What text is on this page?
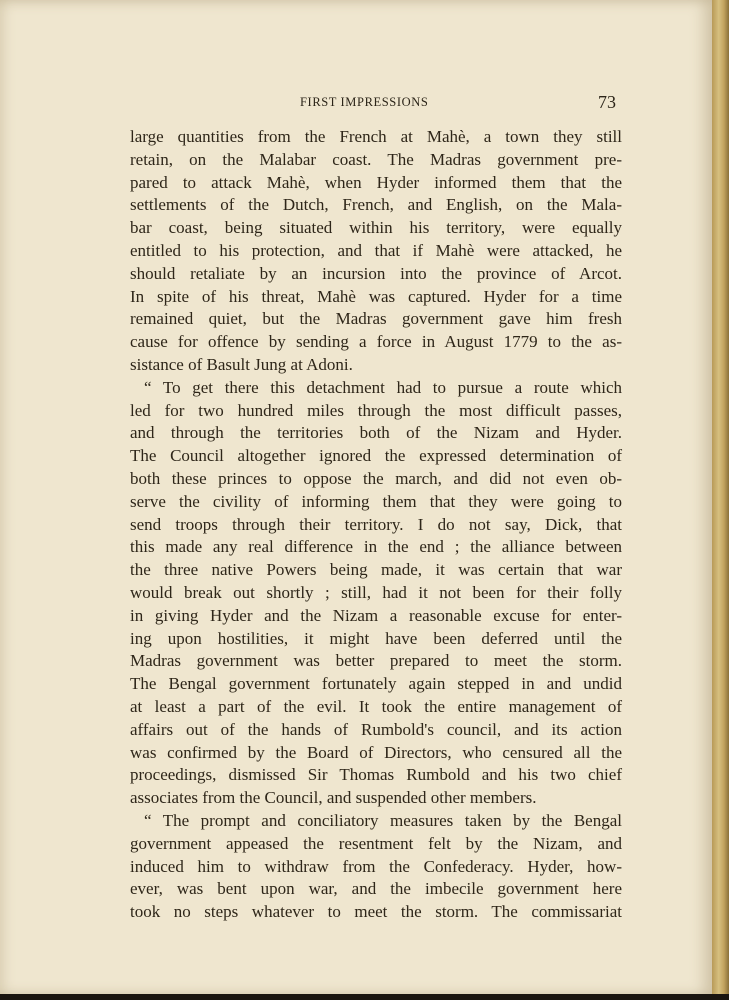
FIRST IMPRESSIONS	73
large quantities from the French at Mahè, a town they still
retain, on the Malabar coast. The Madras government pre-
pared to attack Mahè, when Hyder informed them that the
settlements of the Dutch, French, and English, on the Mala-
bar coast, being situated within his territory, were equally
entitled to his protection, and that if Mahè were attacked, he
should retaliate by an incursion into the province of Arcot.
In spite of his threat, Mahè was captured. Hyder for a time
remained quiet, but the Madras government gave him fresh
cause for offence by sending a force in August 1779 to the as-
sistance of Basult Jung at Adoni.
“ To get there this detachment had to pursue a route which
led for two hundred miles through the most difficult passes,
and through the territories both of the Nizam and Hyder.
The Council altogether ignored the expressed determination of
both these princes to oppose the march, and did not even ob-
serve the civility of informing them that they were going to
send troops through their territory. I do not say, Dick, that
this made any real difference in the end ; the alliance between
the three native Powers being made, it was certain that war
would break out shortly ; still, had it not been for their folly
in giving Hyder and the Nizam a reasonable excuse for enter-
ing upon hostilities, it might have been deferred until the
Madras government was better prepared to meet the storm.
The Bengal government fortunately again stepped in and undid
at least a part of the evil. It took the entire management of
affairs out of the hands of Rumbold's council, and its action
was confirmed by the Board of Directors, who censured all the
proceedings, dismissed Sir Thomas Rumbold and his two chief
associates from the Council, and suspended other members.
“ The prompt and conciliatory measures taken by the Bengal
government appeased the resentment felt by the Nizam, and
induced him to withdraw from the Confederacy. Hyder, how-
ever, was bent upon war, and the imbecile government here
took no steps whatever to meet the storm. The commissariat
